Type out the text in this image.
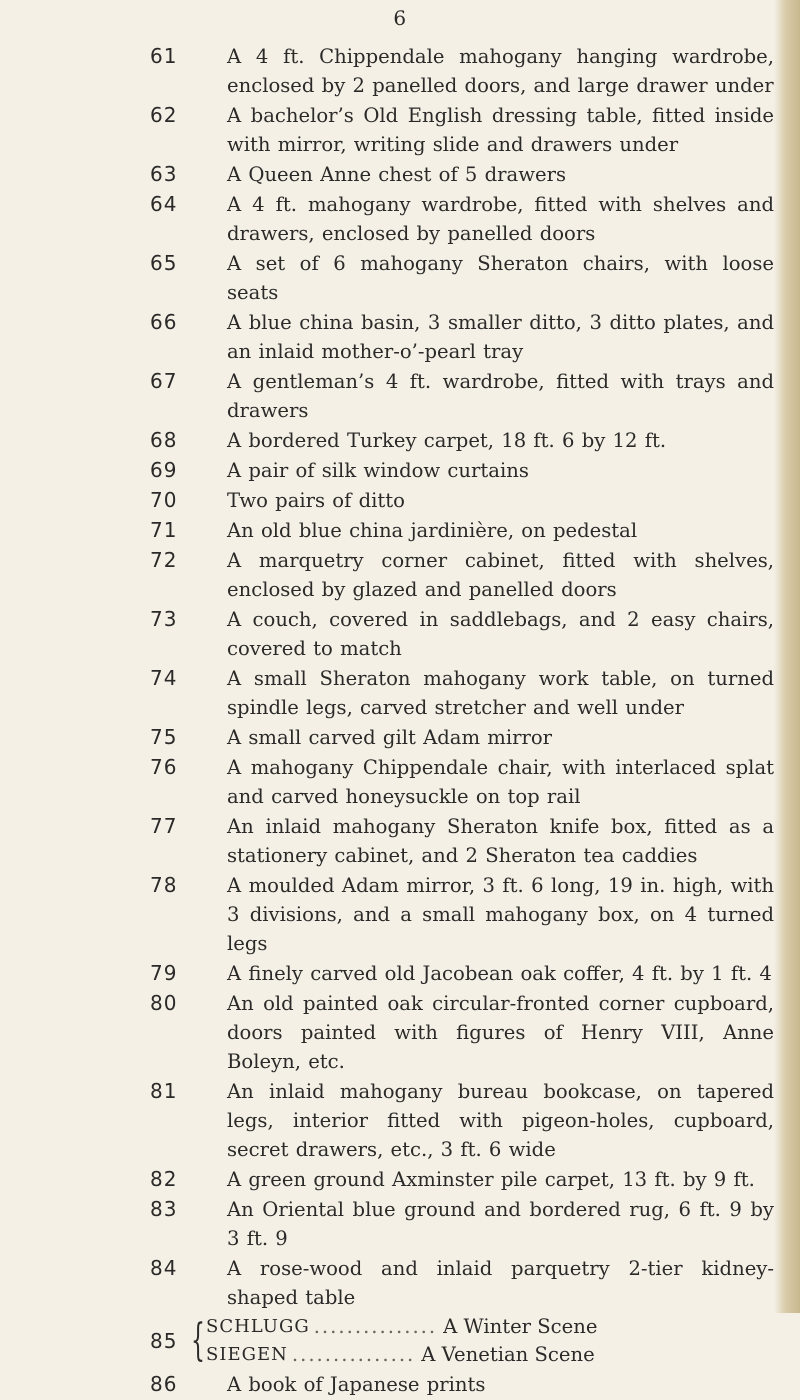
6
61	A 4 ft. Chippendale mahogany hanging wardrobe, enclosed by 2 panelled doors, and large drawer under
62	A bachelor’s Old English dressing table, fitted inside with mirror, writing slide and drawers under
63	A Queen Anne chest of 5 drawers
64	A 4 ft. mahogany wardrobe, fitted with shelves and drawers, enclosed by panelled doors
65	A set of 6 mahogany Sheraton chairs, with loose seats
66	A blue china basin, 3 smaller ditto, 3 ditto plates, and an inlaid mother-o’-pearl tray
67	A gentleman’s 4 ft. wardrobe, fitted with trays and drawers
68	A bordered Turkey carpet, 18 ft. 6 by 12 ft.
69	A pair of silk window curtains
70	Two pairs of ditto
71	An old blue china jardinière, on pedestal
72	A marquetry corner cabinet, fitted with shelves, enclosed by glazed and panelled doors
73	A couch, covered in saddlebags, and 2 easy chairs, covered to match
74	A small Sheraton mahogany work table, on turned spindle legs, carved stretcher and well under
75	A small carved gilt Adam mirror
76	A mahogany Chippendale chair, with interlaced splat and carved honeysuckle on top rail
77	An inlaid mahogany Sheraton knife box, fitted as a stationery cabinet, and 2 Sheraton tea caddies
78	A moulded Adam mirror, 3 ft. 6 long, 19 in. high, with 3 divisions, and a small mahogany box, on 4 turned legs
79	A finely carved old Jacobean oak coffer, 4 ft. by 1 ft. 4
80	An old painted oak circular-fronted corner cupboard, doors painted with figures of Henry VIII, Anne Boleyn, etc.
81	An inlaid mahogany bureau bookcase, on tapered legs, interior fitted with pigeon-holes, cupboard, secret drawers, etc., 3 ft. 6 wide
82	A green ground Axminster pile carpet, 13 ft. by 9 ft.
83	An Oriental blue ground and bordered rug, 6 ft. 9 by 3 ft. 9
84	A rose-wood and inlaid parquetry 2-tier kidney-shaped table
85 { SCHLUGG ............... A Winter Scene
SIEGEN ............... A Venetian Scene
86	A book of Japanese prints
